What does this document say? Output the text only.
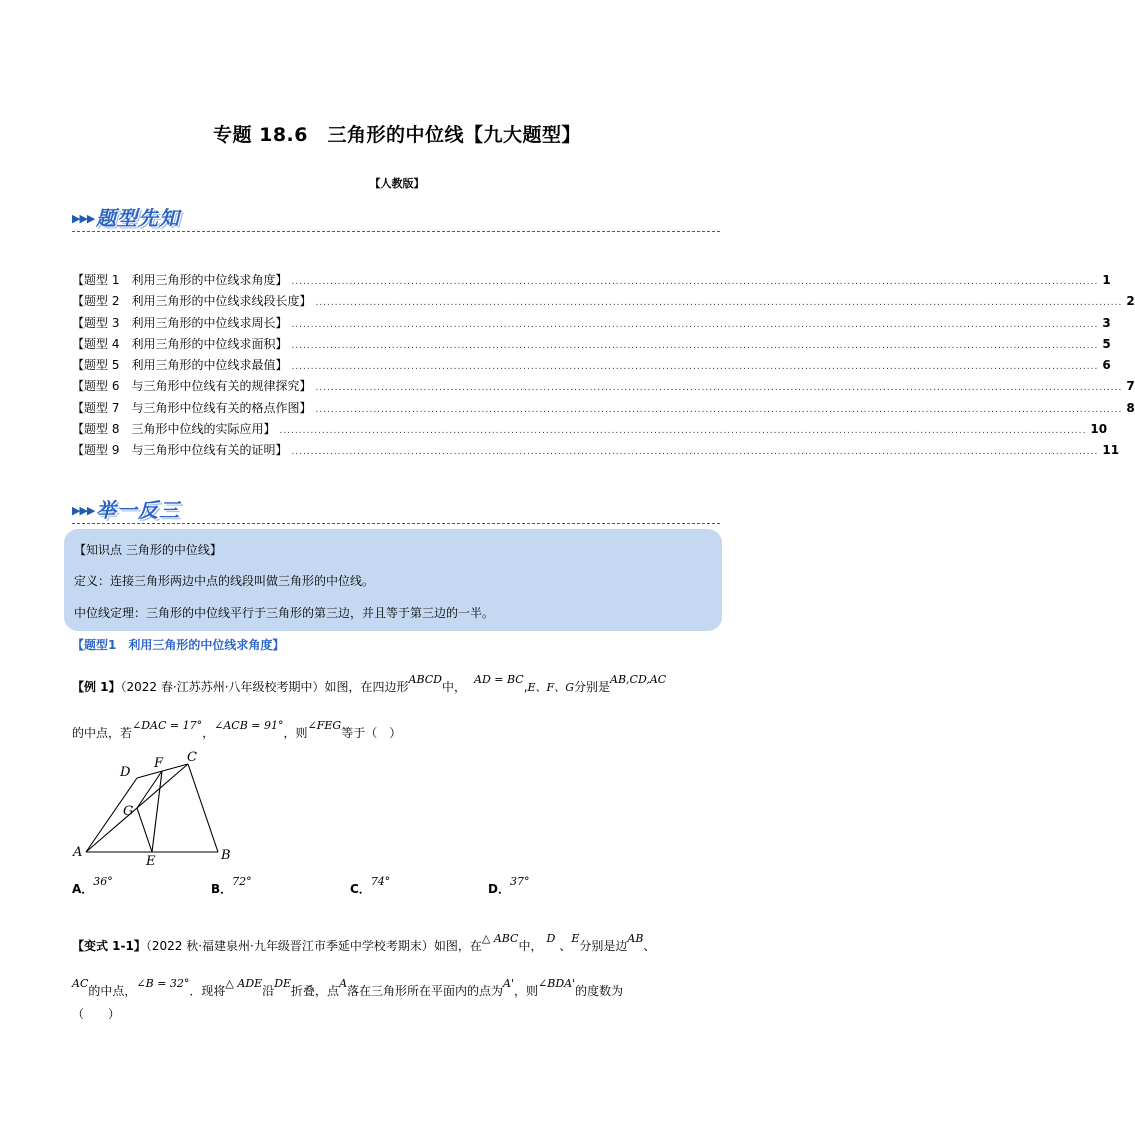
专题 18.6　三角形的中位线【九大题型】
【人教版】
▶▶▶ 题型先知
【题型 1　利用三角形的中位线求角度】 ................................................................................................................................................................................................................. 1
【题型 2　利用三角形的中位线求线段长度】 ................................................................................................................................................................................................................. 2
【题型 3　利用三角形的中位线求周长】 ................................................................................................................................................................................................................. 3
【题型 4　利用三角形的中位线求面积】 ................................................................................................................................................................................................................. 5
【题型 5　利用三角形的中位线求最值】 ................................................................................................................................................................................................................. 6
【题型 6　与三角形中位线有关的规律探究】 ................................................................................................................................................................................................................. 7
【题型 7　与三角形中位线有关的格点作图】 ................................................................................................................................................................................................................. 8
【题型 8　三角形中位线的实际应用】 ................................................................................................................................................................................................................. 10
【题型 9　与三角形中位线有关的证明】 ................................................................................................................................................................................................................. 11
▶▶▶ 举一反三
【知识点 三角形的中位线】
定义：连接三角形两边中点的线段叫做三角形的中位线。
中位线定理：三角形的中位线平行于三角形的第三边，并且等于第三边的一半。
【题型1　利用三角形的中位线求角度】
【例 1】（2022 春·江苏苏州·八年级校考期中）如图，在四边形ABCD中，AD = BC,E、F、G分别是AB,CD,AC
的中点，若∠DAC = 17°，∠ACB = 91°，则∠FEG等于（　）
A	B
C
D
E
F
G
A．36°
B．72°
C．74°
D．37°
【变式 1-1】（2022 秋·福建泉州·九年级晋江市季延中学校考期末）如图，在△ ABC中，D、E分别是边AB、
AC的中点，∠B = 32°．现将△ ADE沿DE折叠，点A落在三角形所在平面内的点为A'，则∠BDA'的度数为
（　　）
